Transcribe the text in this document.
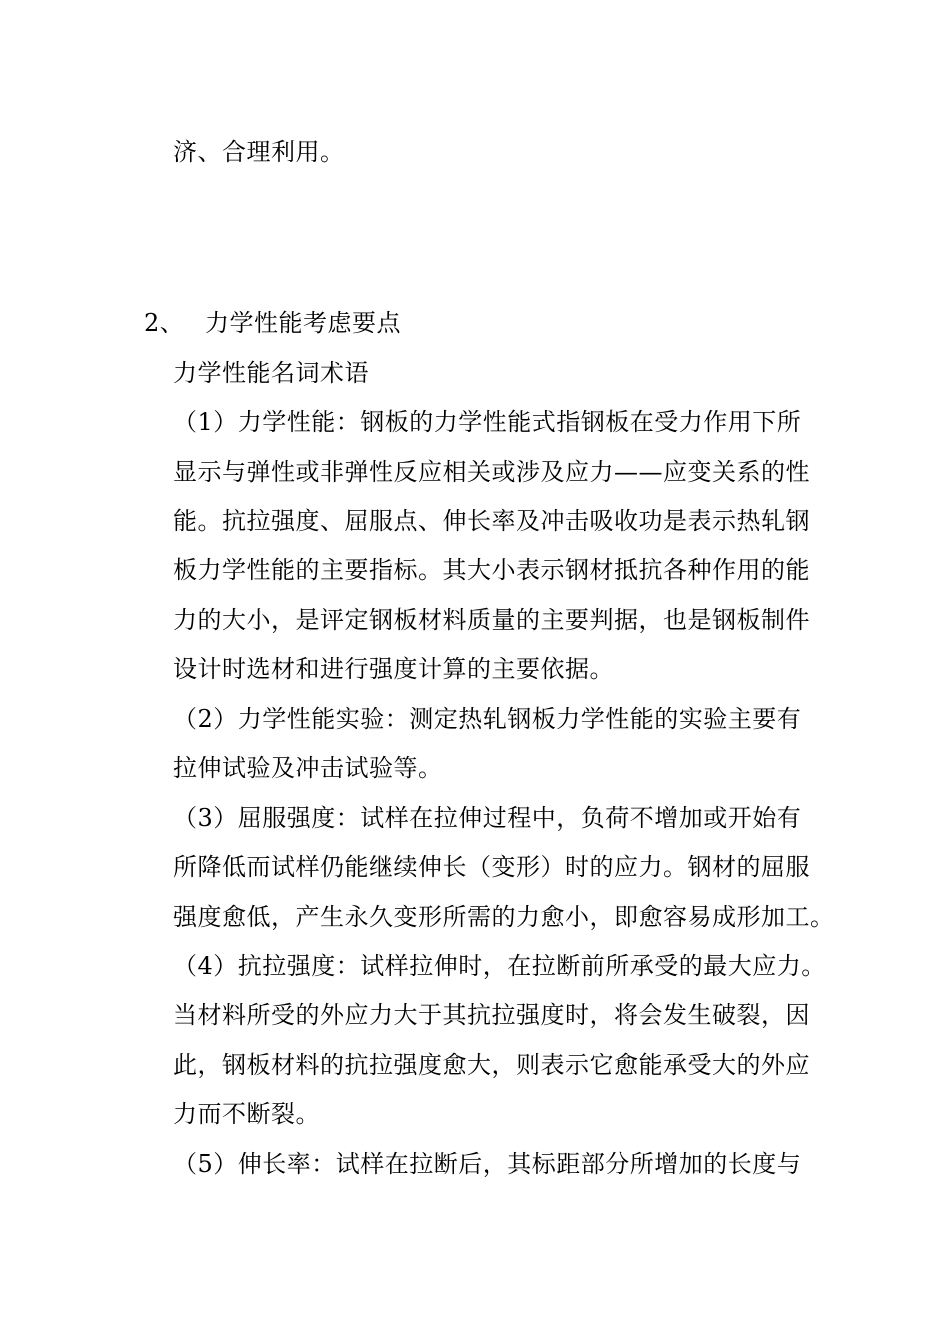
济、合理利用。
2、 力学性能考虑要点
力学性能名词术语
（1）力学性能：钢板的力学性能式指钢板在受力作用下所
显示与弹性或非弹性反应相关或涉及应力——应变关系的性
能。抗拉强度、屈服点、伸长率及冲击吸收功是表示热轧钢
板力学性能的主要指标。其大小表示钢材抵抗各种作用的能
力的大小，是评定钢板材料质量的主要判据，也是钢板制件
设计时选材和进行强度计算的主要依据。
（2）力学性能实验：测定热轧钢板力学性能的实验主要有
拉伸试验及冲击试验等。
（3）屈服强度：试样在拉伸过程中，负荷不增加或开始有
所降低而试样仍能继续伸长（变形）时的应力。钢材的屈服
强度愈低，产生永久变形所需的力愈小，即愈容易成形加工。
（4）抗拉强度：试样拉伸时，在拉断前所承受的最大应力。
当材料所受的外应力大于其抗拉强度时，将会发生破裂，因
此，钢板材料的抗拉强度愈大，则表示它愈能承受大的外应
力而不断裂。
（5）伸长率：试样在拉断后，其标距部分所增加的长度与
